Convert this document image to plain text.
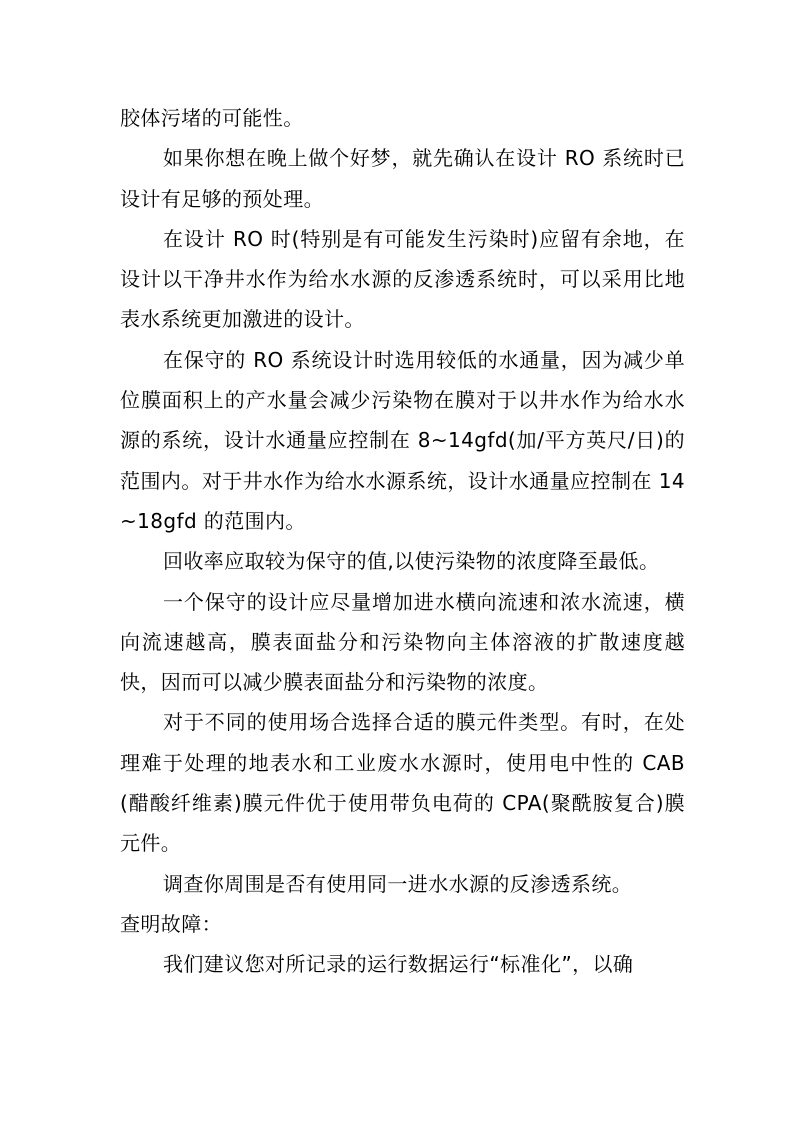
胶体污堵的可能性。

如果你想在晚上做个好梦，就先确认在设计 RO 系统时已设计有足够的预处理。

在设计 RO 时(特别是有可能发生污染时)应留有余地，在设计以干净井水作为给水水源的反渗透系统时，可以采用比地表水系统更加激进的设计。

在保守的 RO 系统设计时选用较低的水通量，因为减少单位膜面积上的产水量会减少污染物在膜对于以井水作为给水水源的系统，设计水通量应控制在 8~14gfd(加/平方英尺/日)的范围内。对于井水作为给水水源系统，设计水通量应控制在 14~18gfd 的范围内。

回收率应取较为保守的值,以使污染物的浓度降至最低。

一个保守的设计应尽量增加进水横向流速和浓水流速，横向流速越高，膜表面盐分和污染物向主体溶液的扩散速度越快，因而可以减少膜表面盐分和污染物的浓度。

对于不同的使用场合选择合适的膜元件类型。有时，在处理难于处理的地表水和工业废水水源时，使用电中性的 CAB(醋酸纤维素)膜元件优于使用带负电荷的 CPA(聚酰胺复合)膜元件。

调查你周围是否有使用同一进水水源的反渗透系统。

查明故障：

我们建议您对所记录的运行数据运行“标准化”，以确
